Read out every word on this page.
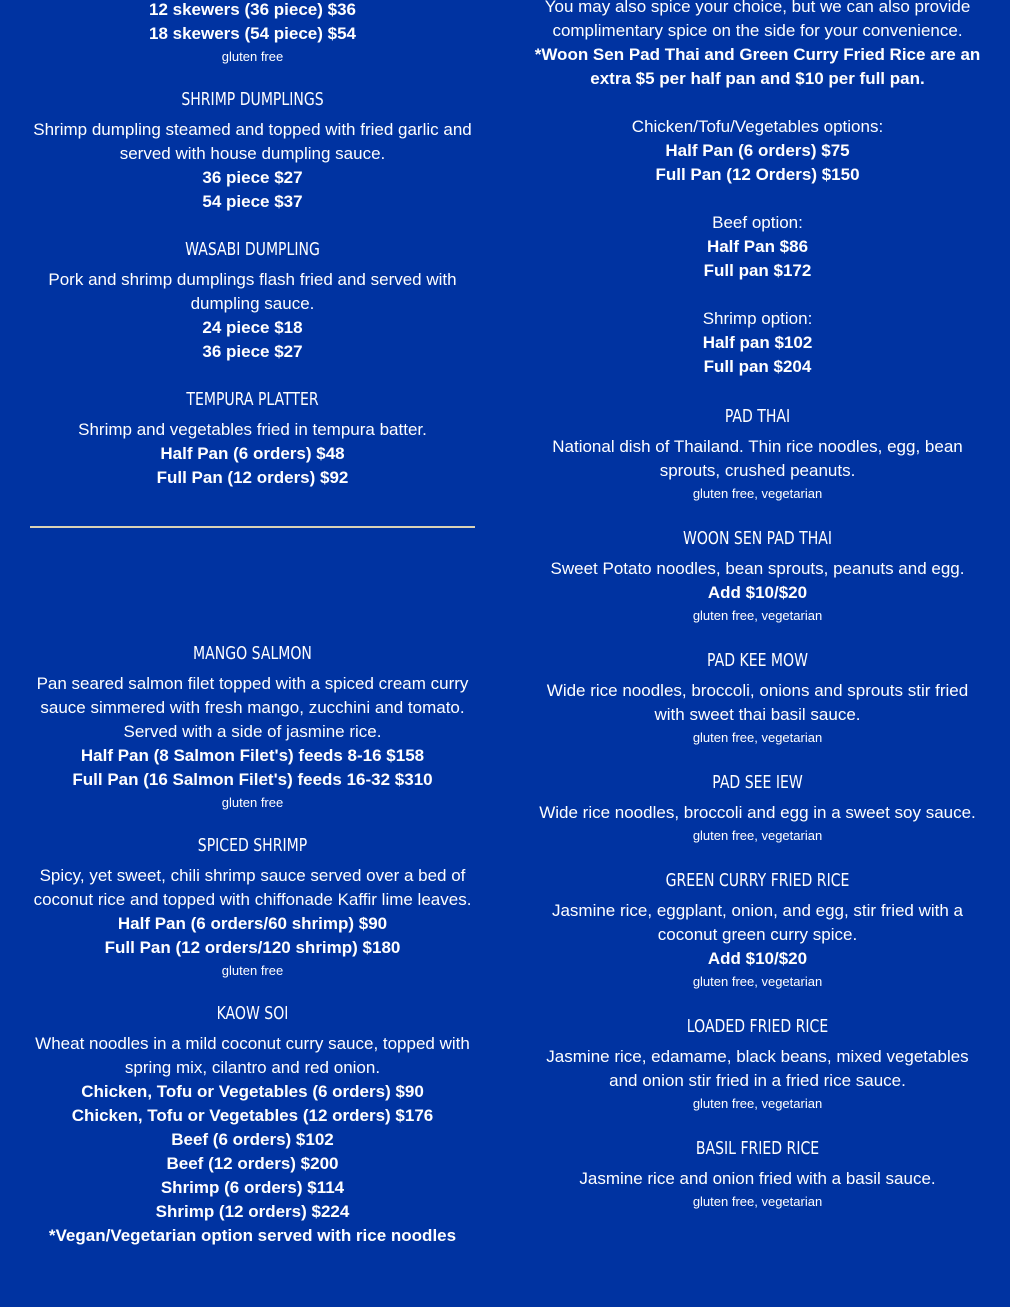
12 skewers (36 piece) $36

18 skewers (54 piece) $54

gluten free

SHRIMP DUMPLINGS

Shrimp dumpling steamed and topped with fried garlic and served with house dumpling sauce.

36 piece $27

54 piece $37

WASABI DUMPLING

Pork and shrimp dumplings flash fried and served with dumpling sauce.

24 piece $18

36 piece $27

TEMPURA PLATTER

Shrimp and vegetables fried in tempura batter.

Half Pan (6 orders) $48

Full Pan (12 orders) $92

MANGO SALMON

Pan seared salmon filet topped with a spiced cream curry sauce simmered with fresh mango, zucchini and tomato. Served with a side of jasmine rice.

Half Pan (8 Salmon Filet's) feeds 8-16 $158

Full Pan (16 Salmon Filet's) feeds 16-32 $310

gluten free

SPICED SHRIMP

Spicy, yet sweet, chili shrimp sauce served over a bed of coconut rice and topped with chiffonade Kaffir lime leaves.

Half Pan (6 orders/60 shrimp) $90

Full Pan (12 orders/120 shrimp) $180

gluten free

KAOW SOI

Wheat noodles in a mild coconut curry sauce, topped with spring mix, cilantro and red onion.

Chicken, Tofu or Vegetables (6 orders) $90

Chicken, Tofu or Vegetables (12 orders) $176

Beef (6 orders) $102

Beef (12 orders) $200

Shrimp (6 orders) $114

Shrimp (12 orders) $224

*Vegan/Vegetarian option served with rice noodles

You may also spice your choice, but we can also provide complimentary spice on the side for your convenience.

*Woon Sen Pad Thai and Green Curry Fried Rice are an extra $5 per half pan and $10 per full pan.

Chicken/Tofu/Vegetables options:

Half Pan (6 orders) $75

Full Pan (12 Orders) $150

Beef option:

Half Pan $86

Full pan $172

Shrimp option:

Half pan $102

Full pan $204

PAD THAI

National dish of Thailand. Thin rice noodles, egg, bean sprouts, crushed peanuts.

gluten free, vegetarian

WOON SEN PAD THAI

Sweet Potato noodles, bean sprouts, peanuts and egg.

Add $10/$20

gluten free, vegetarian

PAD KEE MOW

Wide rice noodles, broccoli, onions and sprouts stir fried with sweet thai basil sauce.

gluten free, vegetarian

PAD SEE IEW

Wide rice noodles, broccoli and egg in a sweet soy sauce.

gluten free, vegetarian

GREEN CURRY FRIED RICE

Jasmine rice, eggplant, onion, and egg, stir fried with a coconut green curry spice.

Add $10/$20

gluten free, vegetarian

LOADED FRIED RICE

Jasmine rice, edamame, black beans, mixed vegetables and onion stir fried in a fried rice sauce.

gluten free, vegetarian

BASIL FRIED RICE

Jasmine rice and onion fried with a basil sauce.

gluten free, vegetarian
